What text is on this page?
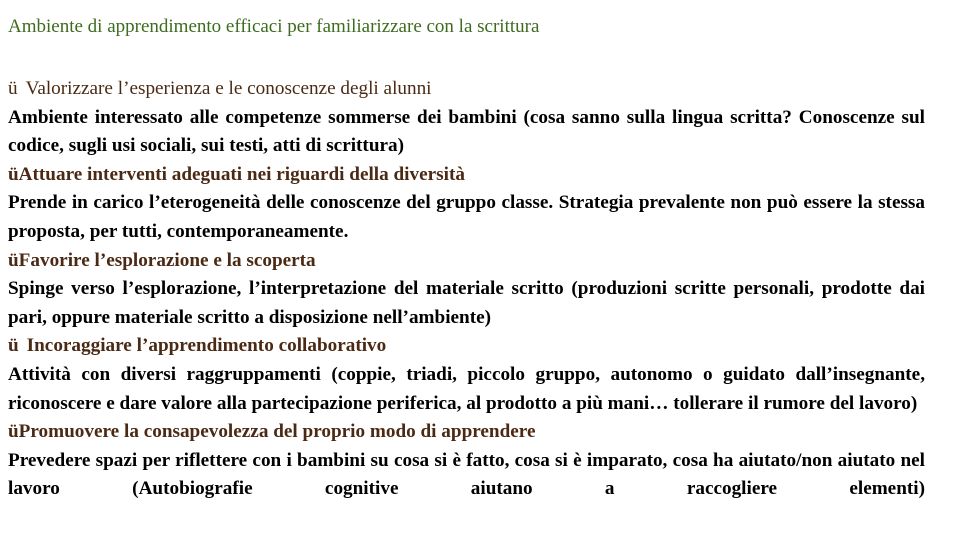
Ambiente di apprendimento efficaci per familiarizzare con la scrittura
ü Valorizzare l’esperienza e le conoscenze degli alunni
Ambiente interessato alle competenze sommerse dei bambini (cosa sanno sulla lingua scritta? Conoscenze sul codice, sugli usi sociali, sui testi, atti di scrittura)
üAttuare interventi adeguati nei riguardi della diversità
Prende in carico l’eterogeneità delle conoscenze del gruppo classe. Strategia prevalente non può essere la stessa proposta, per tutti, contemporaneamente.
üFavorire l’esplorazione e la scoperta
Spinge verso l’esplorazione, l’interpretazione del materiale scritto (produzioni scritte personali, prodotte dai pari, oppure materiale scritto a disposizione nell’ambiente)
ü Incoraggiare l’apprendimento collaborativo
Attività con diversi raggruppamenti (coppie, triadi, piccolo gruppo, autonomo o guidato dall’insegnante, riconoscere e dare valore alla partecipazione periferica, al prodotto a più mani… tollerare il rumore del lavoro)
üPromuovere la consapevolezza del proprio modo di apprendere
Prevedere spazi per riflettere con i bambini su cosa si è fatto, cosa si è imparato, cosa ha aiutato/non aiutato nel lavoro (Autobiografie cognitive aiutano a raccogliere elementi)
